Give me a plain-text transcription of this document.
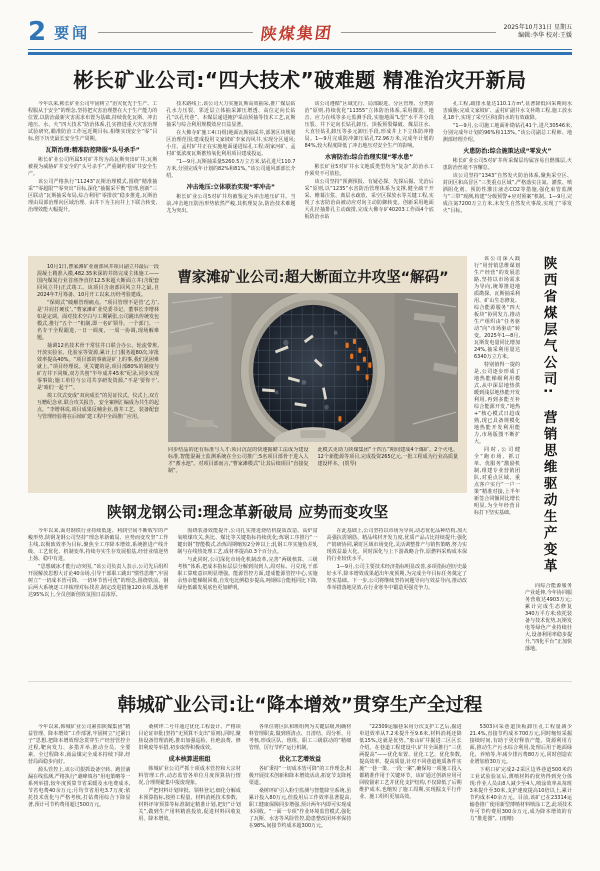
2 要闻	陕煤集团	2025年10月31日 星期五
编辑:李华 校对:王媛
彬长矿业公司:“四大技术”破难题 精准治灾开新局
今年以来,彬长矿业公司牢固树立“治灾优先于生产、工程服从于安全”的理念,坚持把灾害治理摆在大于生产能力的位置,以防治最新灾害需求布置为基础,持续优化瓦斯、冲击地压、水、火“四大技术”防治体系,扎实推进重大灾害治理试验研究,瞄准防治工作远近期目标,相继实现安全“零”目标,创下历史最长安全生产周期。
瓦斯治理:精准防控降服“头号杀手”
彬长矿业公司所属5对矿井均为高瓦斯突出矿井,瓦斯被视为威胁矿井安全的“头号杀手”,严重制约着矿井安全生产。
该公司严格执行“11243”瓦斯治理模式,围绕“精准抽采”“零超限”“零突出”目标,深化“抽掘采平衡”管理,创新“三区联动”瓦斯抽采布局,综合利用“零排放”稳步推进,瓦斯治理由局部治理向区域治理、由井下为主向井上下联合转变,治理效能大幅提升。
技术路线上,该公司大力实施瓦斯高效抽采,推广煤层钻孔水力压裂、邻近层立体抽采卸压增透、高位定向长钻孔“以孔代巷”、本煤层递进掩护采前预抽等技术工艺,瓦斯抽采与综合利用规模效应日益显著。
在大佛寺矿施工4口(组)地面瓦斯抽采井,部署区块规划区治理范围;建成投用文家坡矿李家沟风井,实现分区通风;小庄、孟村矿井正在实施地面递进钻孔工程;胡家河矿、孟村矿低浓度瓦斯蓄热氧化利用项目建成投运。
“1—9月,瓦斯抽采量5260.5万立方米,钻孔进尺110.7万米,分别完成年计划的82%和81%。”该公司通风部部长介绍。
冲击地压:立体联治实现“零冲击”
彬长矿业公司5对矿井均被鉴定为冲击地压矿井。当前,冲击地压防治形势依然严峻,其机理复杂,防治技术难题尤为突出。
该公司遵循“区域先行、局部跟进、分区管理、分类防治”原则,持续优化“11355”立体防治体系,采用微震、地音、应力在线等多元监测手段,实施地面“L型”水平井分段压裂、井下定向长钻孔卸压、顶板预裂爆破、煤层注水、大直径钻孔卸压等多元卸压手段,形成井上下立体防冲格局。1—9月完成防冲卸压钻孔72.96万米,完成年计划的84%,较大程度降低了冲击地压对安全生产的影响。
水害防治:综合治理实现“零水患”
彬长矿业5对矿井水文地质类型均为“复杂”,防治水工作须臾不可放松。
该公司坚持“预测预报、有疑必探、先探后掘、先治后采”原则,以“1235”水害防治管理体系为支撑,健全疏干开采、帷幕注浆、离层水疏放、采空区探放水等关键工程,实现了水害防治由被动应对向主动防御转变。创新采用地面大孔径抽排孔主动疏排,完成大佛寺矿40203工作面4个底板防治水钻
孔工程,疏排水量达110.1万m³,显著降低回采期间水害威胁;完成文家坡矿、孟村矿副井水文补勘工程,施工放水孔18个,实现了采空区积(滞)水的有效疏降。
“1—9月,公司施工地面补勘钻孔41个,进尺30546米,分别完成年计划的96%和113%。”该公司副总工程师、地测部经理介绍。
火患防治:综合施策达成“零发火”
彬长矿业公司5对矿井所采煤层均属容易自燃煤层,火患防治丝毫不容懈怠。
该公司坚持“1343”自然发火防治体系,聚焦采空区、封闭区和高冒区“三类重点区域”,严格落实注氮、灌浆、喷洒阻化剂、预防性灌注液态CO2等措施,强化束管监测与“三带”观测,构建“分级预警+应对预案”机制。1—9月,完成注氮7200万立方米,未发生自然发火事故,实现了“零发火”目标。
10月1日,曹家滩矿业南部风井项目副立井最后一段混凝土精准入模,482.35米深的井筒完成主体施工——国内煤炭行业首座净直径12.5米超大断面立井(含配套回风立井)正式竣工。该项目含南部回风立井之最,自2024年7月筹备、10月开工以来,历经考验建成。
“保姆式”破解管理痛点。“项目管理不是管‘乙方’,是‘并肩打硬仗’。”曹家滩矿业党委书记、董事长李增林如是定调。面对技术空白与工期紧张,公司跳出传统发包模式,推行“五个一”机制,即一名矿领导、一个部门、一名专干全程跟进,一日一调度、一周一协调,现场解难题。
抽调12名技术骨干常驻井口联合办公、轮流带班,开放实验室、化验室等资源,累计上门服务超80次,审批效率提高40%。“项目部的事就是矿上的事,我们见困难就上。”项目经理说。更关键的是,项目部80%的制度与矿方井下同频,双方共创“半年成井45米”纪录,同步实现零事故;施工单位与公司共享研发资源,“不是‘要你干’,是‘咱们一起干’”。
竣工仪式变成“双向成长”的见证仪式。仪式上,双方互赠纪念章,联合攻关报告、安全案例汇编成为共生的起点。“李增林说,项目成果反哺企业,凿井工艺、装备配套与管理经验将在后续矿建工程中全面推广应用。
曹家滩矿业公司:超大断面立井攻坚“解码”
同步结晶的还有标准与人才:项目沉淀的快速掘砌工法成为建设标准,智能混凝土监测系统在全公司推广;5名项目部骨干进入人才“蓄水池”。对项目部而言,“曹家滩模式”让其后续项目“直接复制”。
此模式更助力陕煤集团“十四五”期间建成4个煤矿、2个火电、12个新能源等项目,完成投资265亿元,一批工程成为行业高质量建设样本。(贺琴)
陕钢龙钢公司:理念革新破局 应势而变攻坚
今年以来,面对钢铁行业持续低迷、利润空间不断收窄的严峻形势,陕钢龙钢公司坚持“理念革新破局、应势而变攻坚”工作主线,以极致效率为目标,聚焦全工序降本增效,系统推进产线升级、工艺优化、机制变革,持续夯实生存发展根基,经营业绩逆势上扬、稳中有进。
“思想破冰才能行动突围。”该公司负责人表示,公司先后组织开展解放思想大讨论40余场,引导干部职工跳出“惯性思维”,牢固树立“一切成本皆可降、一切环节皆可优”的理念,围绕铁前、钢后两大系统逐工序梳理对标找差,制定改进措施120余项,落地率达95%以上,全员创新创效氛围日益浓厚。
围绕装备效能提升,公司扎实推进烧结机提质改造、高炉富氧喷煤攻关,焦比、煤比等关键指标持续优化;炼钢工序推行“一键出钢”智能模式,冶炼周期缩短2分钟以上;轧钢工序实施负差轧制与在线热处理工艺,成材率提高0.3个百分点。
与此同时,公司深化市场化机制改革,完善“两级核算、三级考核”体系,把成本指标层层分解到岗到人,周对标、月兑现,干部职工算账意识明显增强。能源管控方面,建成能源管控中心,实施余热余能梯级回收,自发电比例稳步提高,吨钢综合能耗同比下降,绿色低碳发展底色更加鲜明。
在此基础上,公司坚持以市场为导向,动态优化品种结构,加大高强抗震钢筋、精品线材开发力度,优质产品占比持续提升;强化产销研协同,紧盯区域市场变化,灵活调整排产与销售策略,努力实现效益最大化。同时深化与上下游战略合作,原燃料采购成本保持行业较优水平。
1—9月,公司主要技术经济指标明显改善,多项指标创历史最好水平,降本增效成果超出年度预期,为完成全年目标任务奠定了坚实基础。下一步,公司将继续坚持问题导向与效益导向,推动改革举措落地见效,在行业寒冬中锻造更强竞争力。
该公司深入践行“用营销思维谋划生产经营”的发展思路,坚持以市场需求为导向,统筹推进地质勘探、瓦斯抽采利用、矿山生态修复、综合能源服务“四大板块”协同发力,推动生产组织由“任务驱动”向“市场驱动”转变。2025年1—8月,瓦斯发电量同比增加24%,抽采利用量达6340万立方米。
特别值得一提的是,公司逐步形成了地热能梯级利用模式,从中深层地热供暖到浅层地热能开发利用,再到多能互补综合能源开发,“地热+”核心模式日趋成熟,现已具备规模化地热能开发利用能力,市场版图不断扩大。
同时,公司健全“跑市场、抓订单、优服务”激励机制,组建专业营销团队,对重点区域、重点客户实行“一户一策”精准对接,上半年新签合同额同比增长明显,为全年经营目标打下坚实基础。
陕西省煤层气公司:
营销思维驱动生产变革
向综合能源服务产业延伸,今年协同服务营收达4903万元;累计完成生态修复340万平方米;依托装备与技术优势,瓦斯发电等绿色产业持续壮大,设备利用率稳步提升,“四化平台”正加快落地。
韩城矿业公司:让“降本增效”贯穿生产全过程
今年以来,韩城矿业公司紧扣陕煤集团“精益管理、降本增效”工作部署,牢固树立“过紧日子”思想,把降本增效理念贯穿生产经营管控全过程,靶向发力、多措并举,推动全员、全要素、全过程降本,商品煤完全成本持续下降,经营局面稳步向好。
源头管控上,该公司狠抓设备空转、跑冒滴漏在线监测,严格执行“避峰填谷”用电策略等一系列举措,较年度预算节省采暖及水电费成本,节省电费40余万元;月均节省用电3.7万度;依托技术优化与严格考核,打钻费用综合下降显著,预计可节约费用超过500万元。
桑树坪二号井通过优化工程设计、严格项目论证审批(坚持“无预算不支出”原则),同时,聚焦设备管理消耗,推出加强巡检、杜绝浪费、修旧利废等举措,初步取得积极成效。
成本核算进班组
韩城矿业公司严抓十项成本管控和大宗材料管理工作,动态监管各单位月度预算执行情况,合理规避集中报废现象。
严把材料计划审批、领料登记,细化分解成本预算指标,按照工程量、材料消耗技术参数、材料评审预算等标准制定精准计划,把好“计划关”,做到生产用料精准投放,促进材料回收复用、降本增效。
各单位将区队和班组列为关键层级,明确材料管理职责,做到班清点、日清结、周分析、月考核,形成区队、班组、职工三级联动的“精细管理、厉行节约”运行机制。
优化工艺增效益
各矿秉持“一切成本皆可降”的工作理念,积极开展技术创新和降本增效活动,拓宽节支降耗渠道。
桑树坪矿引入粉尘监测与智能降尘系统,虽累计投入80万元,但投用后工作效率显著提高,职工健康保障同步增强,预计两年内即可实现成本回收。“一面一专项”作业环境监管模式,强化了瓦斯、水害等风险管控,隐患整改闭环率保持在98%,间接节约成本超300万元。
“22309运输巷采用分次支护工艺后,掘进单进效率从7.2米提升至9.6米,材料消耗还降低15%,这就是优势。”象山矿井掘进二区区长介绍。在巷道工程建设中,矿井全面推行“三优两提高”——优化布置、优化工艺、优化参数,提高效率、提高质量,针对不同巷道地质条件实施“一巷一策、一段一案”,确保每一项施工投入都精准作用于关键环节。该矿通过创新应用可回收锚索工艺并优化支护结构,不仅降低了后期维护成本,也缩短了施工周期,实现掘支平行作业、施工组织更加高效。
5303回采巷道顶板卸压孔工程量减少21.4%,直接节约成本700万元,同时缩短采掘接续时间,有助于更好释放产能。资源利用方面,推动生产污水综合利用,处理后用于地面绿化、养殖等,年减少排污费80万元,同时创造农业增加值30万元。
下峪口矿完成2-2采区边界巷道500米的工业试验验证后,薄喷材料的优势得到充分体现:作业人员由8人减少至4人,喷涂效率从每班3米提升至30米,支护速度提高10倍以上,累计节约成本40余万元。目前,该矿已在23314运输巷推广使用新型薄喷材料喷涂工艺,此项技术年可节约费用300余万元,成为降本增效的有力“推进器”。(雨晴)
